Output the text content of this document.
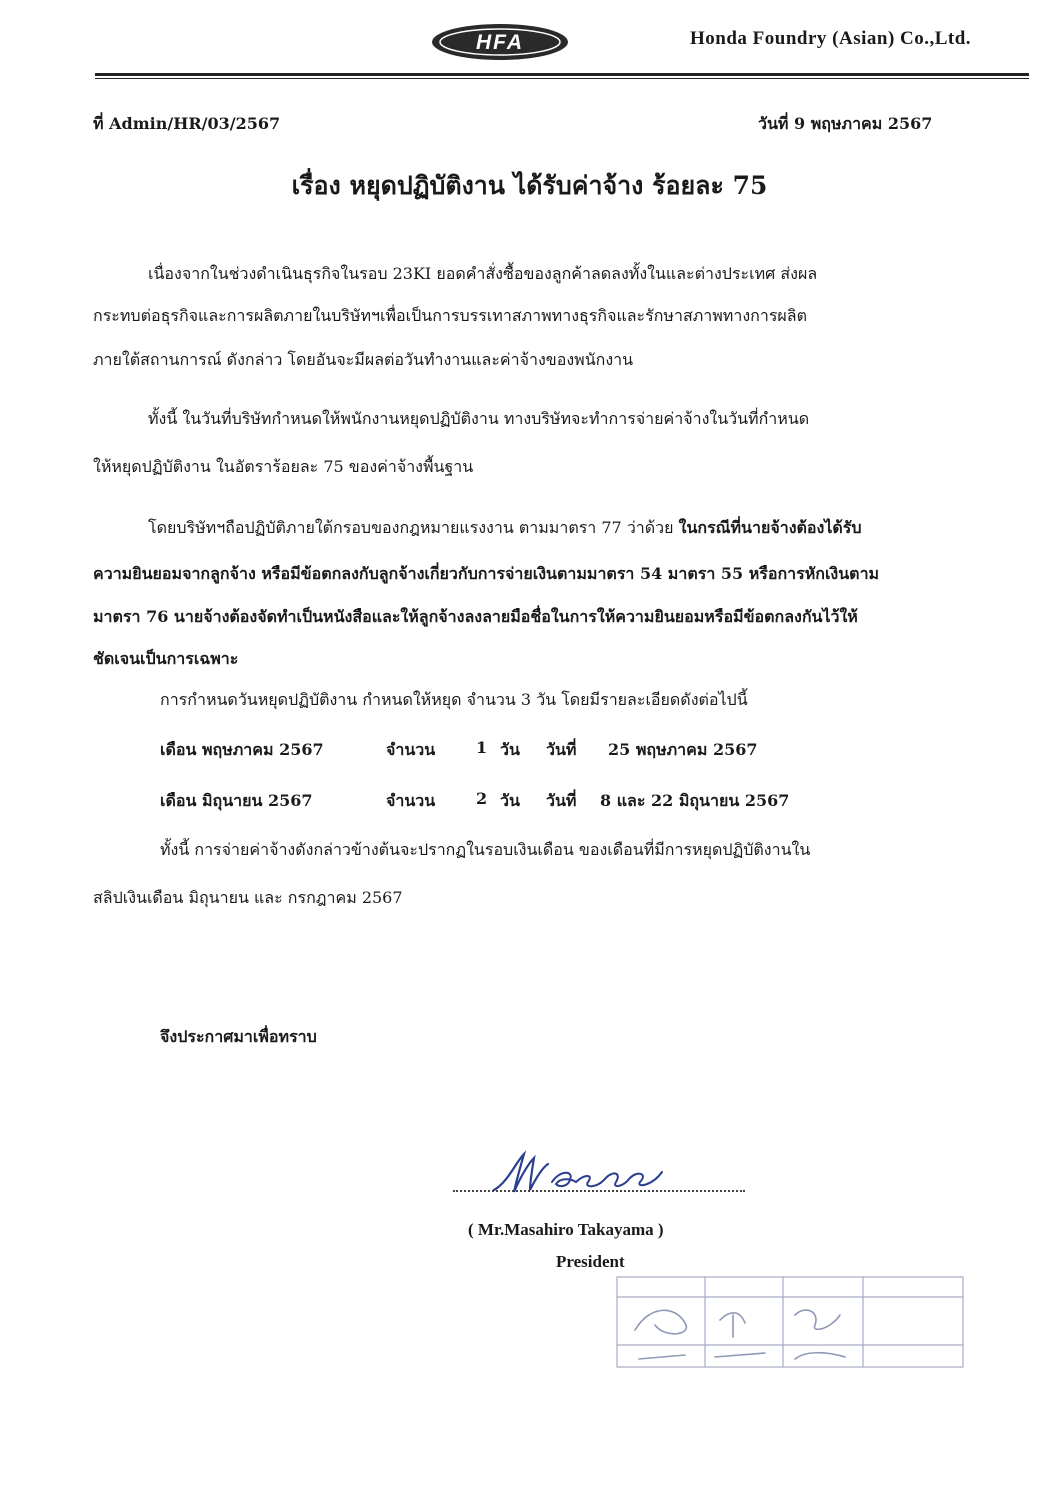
HFA	Honda Foundry (Asian) Co.,Ltd.
ที่ Admin/HR/03/2567	วันที่ 9 พฤษภาคม 2567
เรื่อง หยุดปฏิบัติงาน ได้รับค่าจ้าง ร้อยละ 75
เนื่องจากในช่วงดำเนินธุรกิจในรอบ 23KI ยอดคำสั่งซื้อของลูกค้าลดลงทั้งในและต่างประเทศ ส่งผล
กระทบต่อธุรกิจและการผลิตภายในบริษัทฯเพื่อเป็นการบรรเทาสภาพทางธุรกิจและรักษาสภาพทางการผลิต
ภายใต้สถานการณ์ ดังกล่าว โดยอันจะมีผลต่อวันทำงานและค่าจ้างของพนักงาน
ทั้งนี้ ในวันที่บริษัทกำหนดให้พนักงานหยุดปฏิบัติงาน ทางบริษัทจะทำการจ่ายค่าจ้างในวันที่กำหนด
ให้หยุดปฏิบัติงาน ในอัตราร้อยละ 75 ของค่าจ้างพื้นฐาน
โดยบริษัทฯถือปฏิบัติภายใต้กรอบของกฎหมายแรงงาน ตามมาตรา 77 ว่าด้วย ในกรณีที่นายจ้างต้องได้รับ
ความยินยอมจากลูกจ้าง หรือมีข้อตกลงกับลูกจ้างเกี่ยวกับการจ่ายเงินตามมาตรา 54 มาตรา 55 หรือการหักเงินตาม
มาตรา 76 นายจ้างต้องจัดทำเป็นหนังสือและให้ลูกจ้างลงลายมือชื่อในการให้ความยินยอมหรือมีข้อตกลงกันไว้ให้
ชัดเจนเป็นการเฉพาะ
การกำหนดวันหยุดปฏิบัติงาน กำหนดให้หยุด จำนวน 3 วัน โดยมีรายละเอียดดังต่อไปนี้
เดือน พฤษภาคม 2567	จำนวน	1 วัน วันที่ 25 พฤษภาคม 2567
เดือน มิถุนายน 2567	จำนวน	2 วัน วันที่ 8 และ 22 มิถุนายน 2567
ทั้งนี้ การจ่ายค่าจ้างดังกล่าวข้างต้นจะปรากฏในรอบเงินเดือน ของเดือนที่มีการหยุดปฏิบัติงานใน
สลิปเงินเดือน มิถุนายน และ กรกฎาคม 2567
จึงประกาศมาเพื่อทราบ
( Mr.Masahiro Takayama )
President
